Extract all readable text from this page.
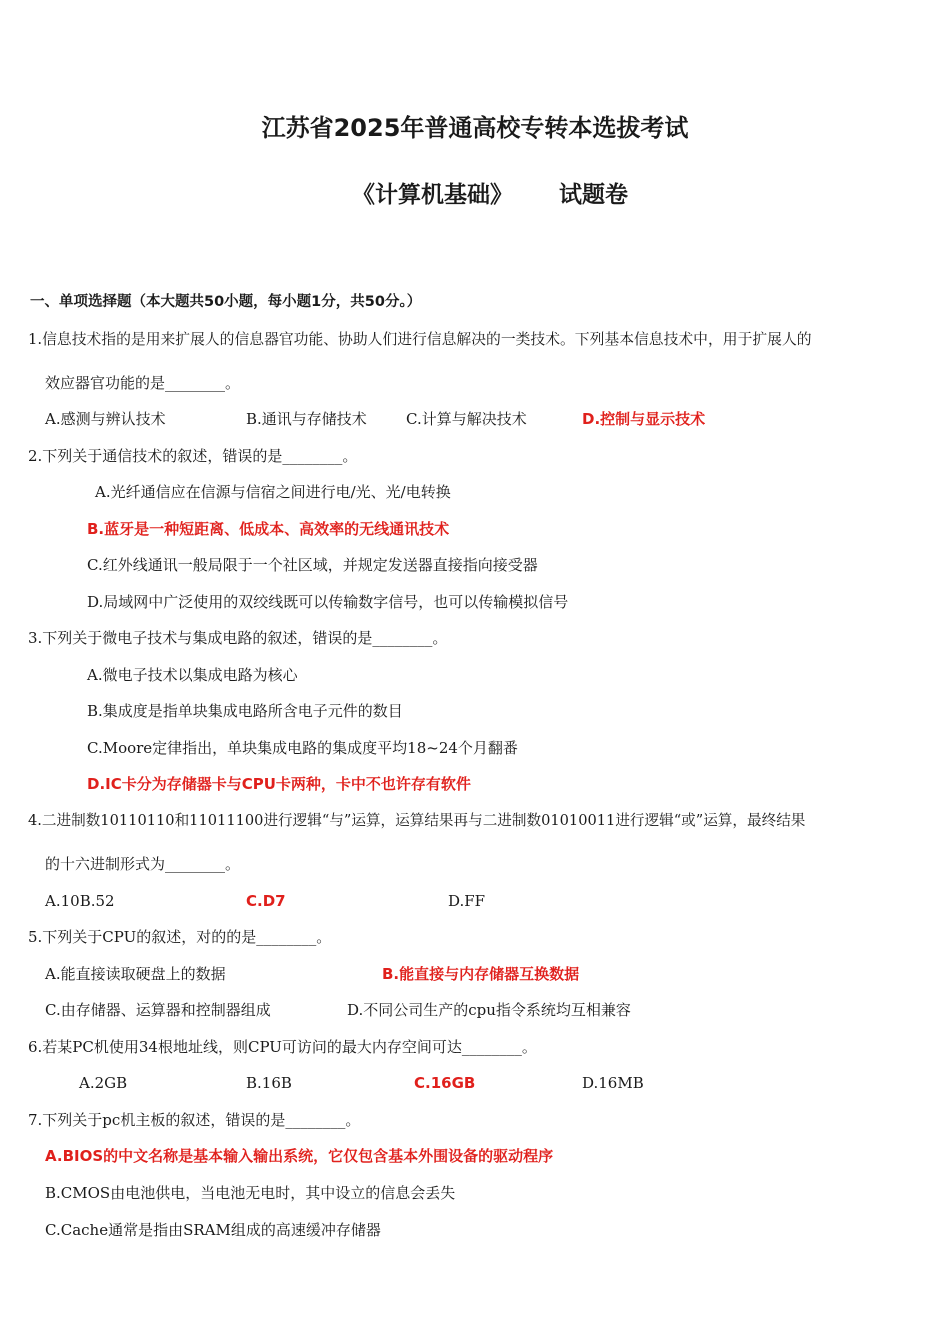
江苏省2025年普通高校专转本选拔考试
《计算机基础》 试题卷
一、单项选择题（本大题共50小题，每小题1分，共50分。）
1.信息技术指的是用来扩展人的信息器官功能、协助人们进行信息解决的一类技术。下列基本信息技术中，用于扩展人的
效应器官功能的是________。
A.感测与辨认技术	B.通讯与存储技术	C.计算与解决技术	D.控制与显示技术
2.下列关于通信技术的叙述，错误的是________。
A.光纤通信应在信源与信宿之间进行电/光、光/电转换
B.蓝牙是一种短距离、低成本、高效率的无线通讯技术
C.红外线通讯一般局限于一个社区域，并规定发送器直接指向接受器
D.局域网中广泛使用的双绞线既可以传输数字信号，也可以传输模拟信号
3.下列关于微电子技术与集成电路的叙述，错误的是________。
A.微电子技术以集成电路为核心
B.集成度是指单块集成电路所含电子元件的数目
C.Moore定律指出，单块集成电路的集成度平均18~24个月翻番
D.IC卡分为存储器卡与CPU卡两种，卡中不也许存有软件
4.二进制数10110110和11011100进行逻辑“与”运算，运算结果再与二进制数01010011进行逻辑“或”运算，最终结果
的十六进制形式为________。
A.10B.52	C.D7	D.FF
5.下列关于CPU的叙述，对的的是________。
A.能直接读取硬盘上的数据	B.能直接与内存储器互换数据
C.由存储器、运算器和控制器组成	D.不同公司生产的cpu指令系统均互相兼容
6.若某PC机使用34根地址线，则CPU可访问的最大内存空间可达________。
A.2GB	B.16B	C.16GB	D.16MB
7.下列关于pc机主板的叙述，错误的是________。
A.BIOS的中文名称是基本输入输出系统，它仅包含基本外围设备的驱动程序
B.CMOS由电池供电，当电池无电时，其中设立的信息会丢失
C.Cache通常是指由SRAM组成的高速缓冲存储器
